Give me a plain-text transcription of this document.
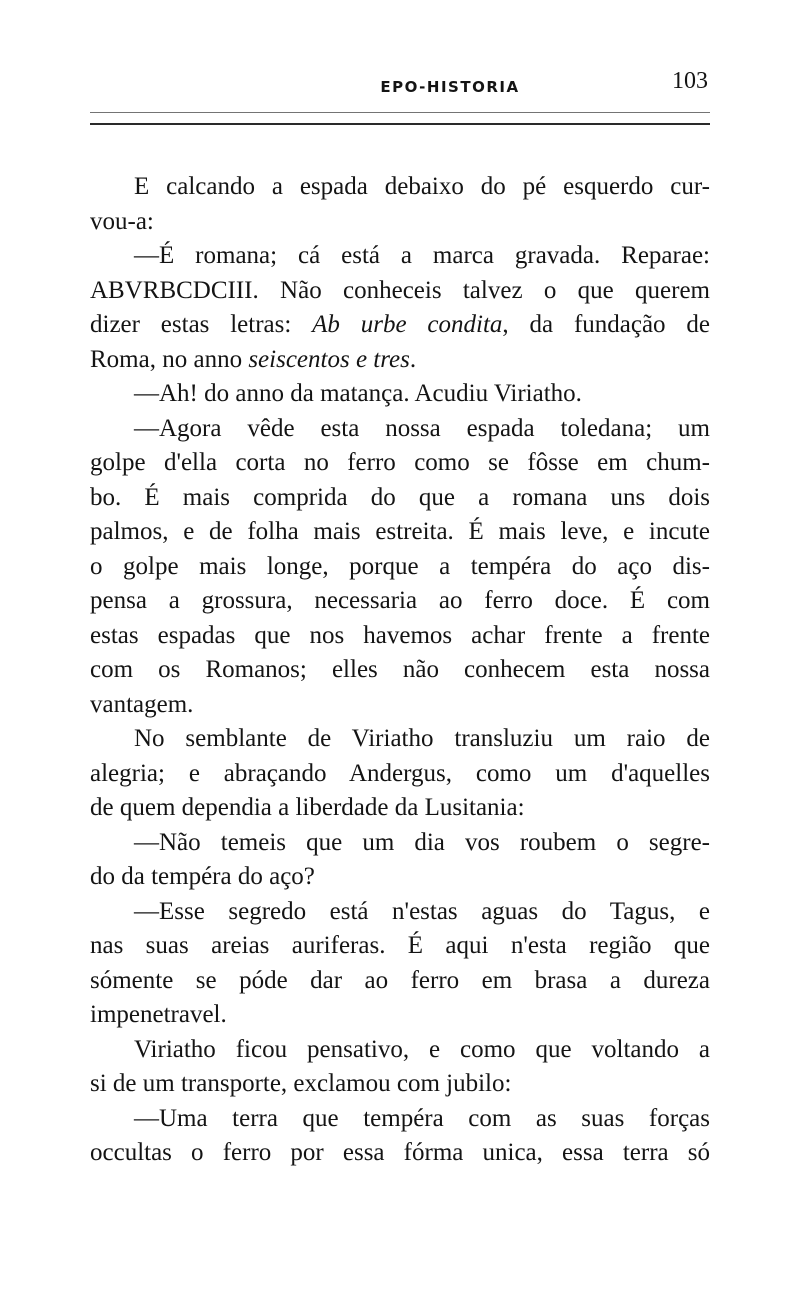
EPO-HISTORIA	103
E calcando a espada debaixo do pé esquerdo cur-
vou-a:
—É romana; cá está a marca gravada. Reparae:
ABVRBCDCIII. Não conheceis talvez o que querem
dizer estas letras: Ab urbe condita, da fundação de
Roma, no anno seiscentos e tres.
—Ah! do anno da matança. Acudiu Viriatho.
—Agora vêde esta nossa espada toledana; um
golpe d'ella corta no ferro como se fôsse em chum-
bo. É mais comprida do que a romana uns dois
palmos, e de folha mais estreita. É mais leve, e incute
o golpe mais longe, porque a tempéra do aço dis-
pensa a grossura, necessaria ao ferro doce. É com
estas espadas que nos havemos achar frente a frente
com os Romanos; elles não conhecem esta nossa
vantagem.
No semblante de Viriatho transluziu um raio de
alegria; e abraçando Andergus, como um d'aquelles
de quem dependia a liberdade da Lusitania:
—Não temeis que um dia vos roubem o segre-
do da tempéra do aço?
—Esse segredo está n'estas aguas do Tagus, e
nas suas areias auriferas. É aqui n'esta região que
sómente se póde dar ao ferro em brasa a dureza
impenetravel.
Viriatho ficou pensativo, e como que voltando a
si de um transporte, exclamou com jubilo:
—Uma terra que tempéra com as suas forças
occultas o ferro por essa fórma unica, essa terra só
